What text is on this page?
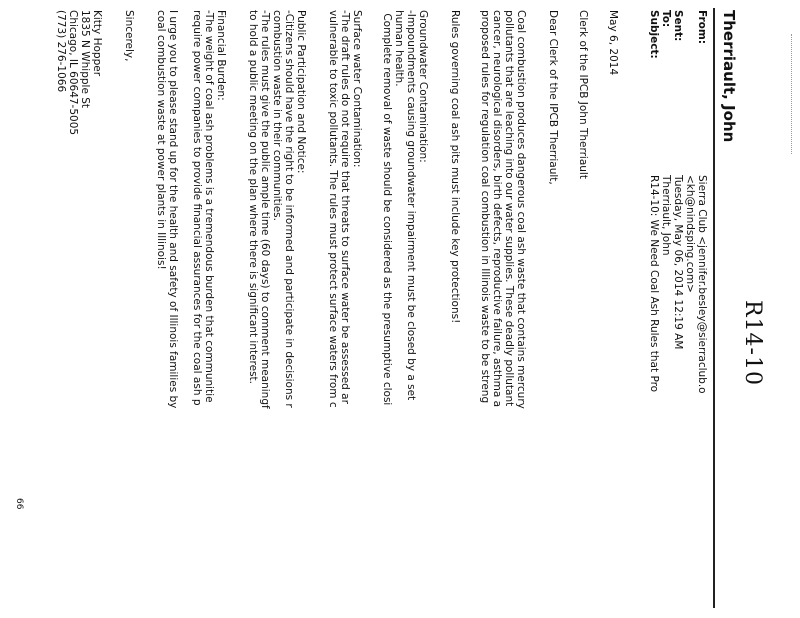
R14-10
Therriault, John
From:
Sierra Club <jennifer.besley@sierraclub.o
<kh@nindsping.com>
Sent:
Tuesday, May 06, 2014 12:19 AM
To:
Therriault, John
Subject:
R14-10: We Need Coal Ash Rules that Pro
May 6, 2014
Clerk of the IPCB John Therriault
Dear Clerk of the IPCB Therriault,
Coal combustion produces dangerous coal ash waste that contains mercury
pollutants that are leaching into our water supplies. These deadly pollutant
cancer, neurological disorders, birth defects, reproductive failure, asthma a
proposed rules for regulation coal combustion in Illinois waste to be streng
Rules governing coal ash pits must include key protections!
Groundwater Contamination:
-Impoundments causing groundwater impairment must be closed by a set
human health.
Complete removal of waste should be considered as the presumptive closi
Surface water Contamination:
-The draft rules do not require that threats to surface water be assessed ar
vulnerable to toxic pollutants. The rules must protect surface waters from c
Public Participation and Notice:
-Citizens should have the right to be informed and participate in decisions r
combustion waste in their communities.
-The rules must give the public ample time (60 days) to comment meaningf
to hold a public meeting on the plan where there is significant interest.
Financial Burden:
-The weight of coal ash problems is a tremendous burden that communitie
require power companies to provide financial assurances for the coal ash p
I urge you to please stand up for the health and safety of Illinois families by
coal combustion waste at power plants in Illinois!
Sincerely,
Kitty Hopper
1835 N Whipple St
Chicago, IL 60647-5005
(773) 276-1066
66
